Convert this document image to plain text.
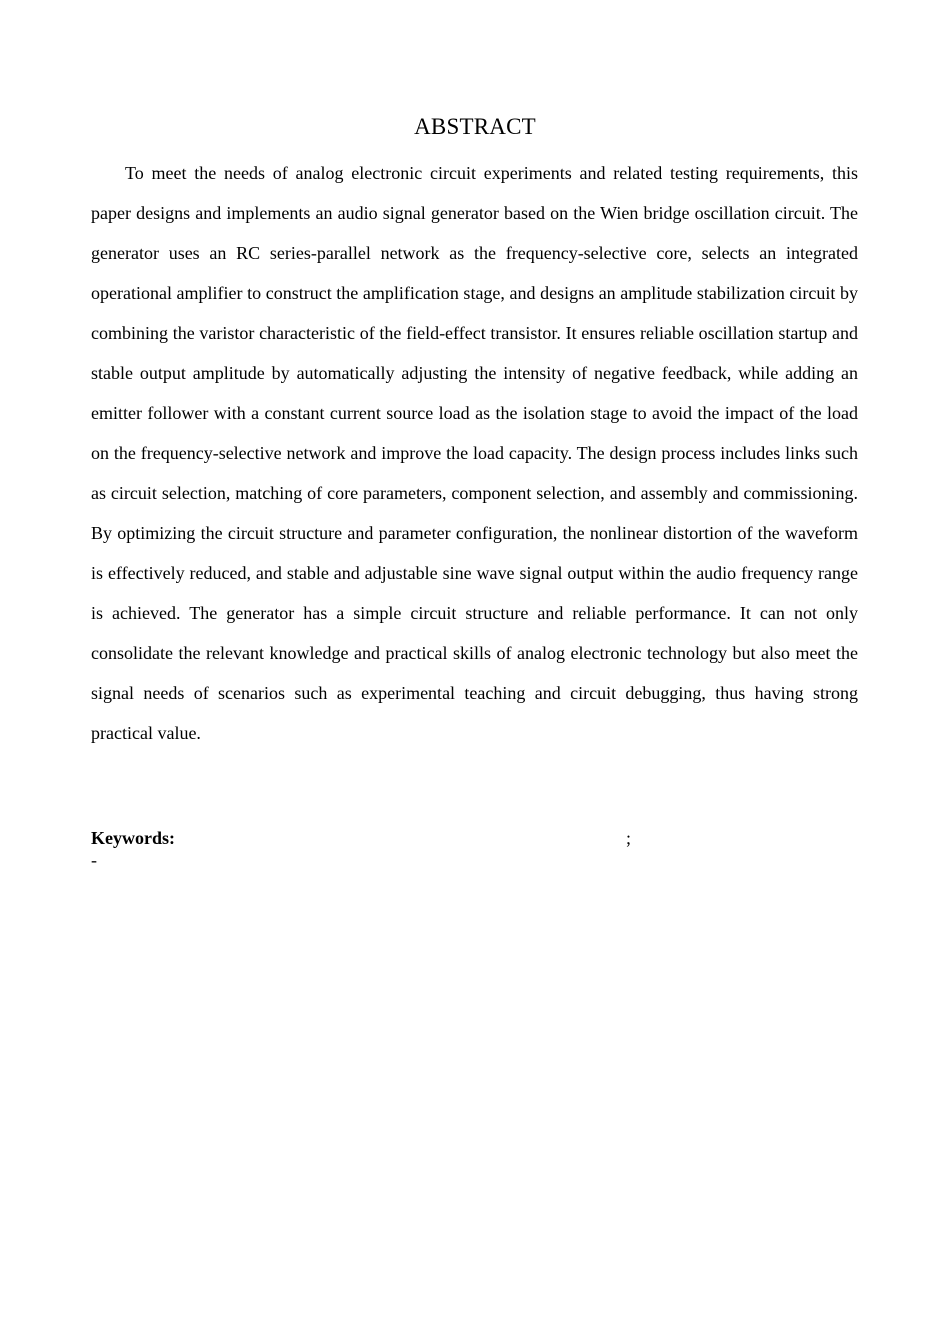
ABSTRACT

To meet the needs of analog electronic circuit experiments and related testing requirements, this paper designs and implements an audio signal generator based on the Wien bridge oscillation circuit. The generator uses an RC series-parallel network as the frequency-selective core, selects an integrated operational amplifier to construct the amplification stage, and designs an amplitude stabilization circuit by combining the varistor characteristic of the field-effect transistor. It ensures reliable oscillation startup and stable output amplitude by automatically adjusting the intensity of negative feedback, while adding an emitter follower with a constant current source load as the isolation stage to avoid the impact of the load on the frequency-selective network and improve the load capacity. The design process includes links such as circuit selection, matching of core parameters, component selection, and assembly and commissioning. By optimizing the circuit structure and parameter configuration, the nonlinear distortion of the waveform is effectively reduced, and stable and adjustable sine wave signal output within the audio frequency range is achieved. The generator has a simple circuit structure and reliable performance. It can not only consolidate the relevant knowledge and practical skills of analog electronic technology but also meet the signal needs of scenarios such as experimental teaching and circuit debugging, thus having strong practical value.

Keywords:	;
-
